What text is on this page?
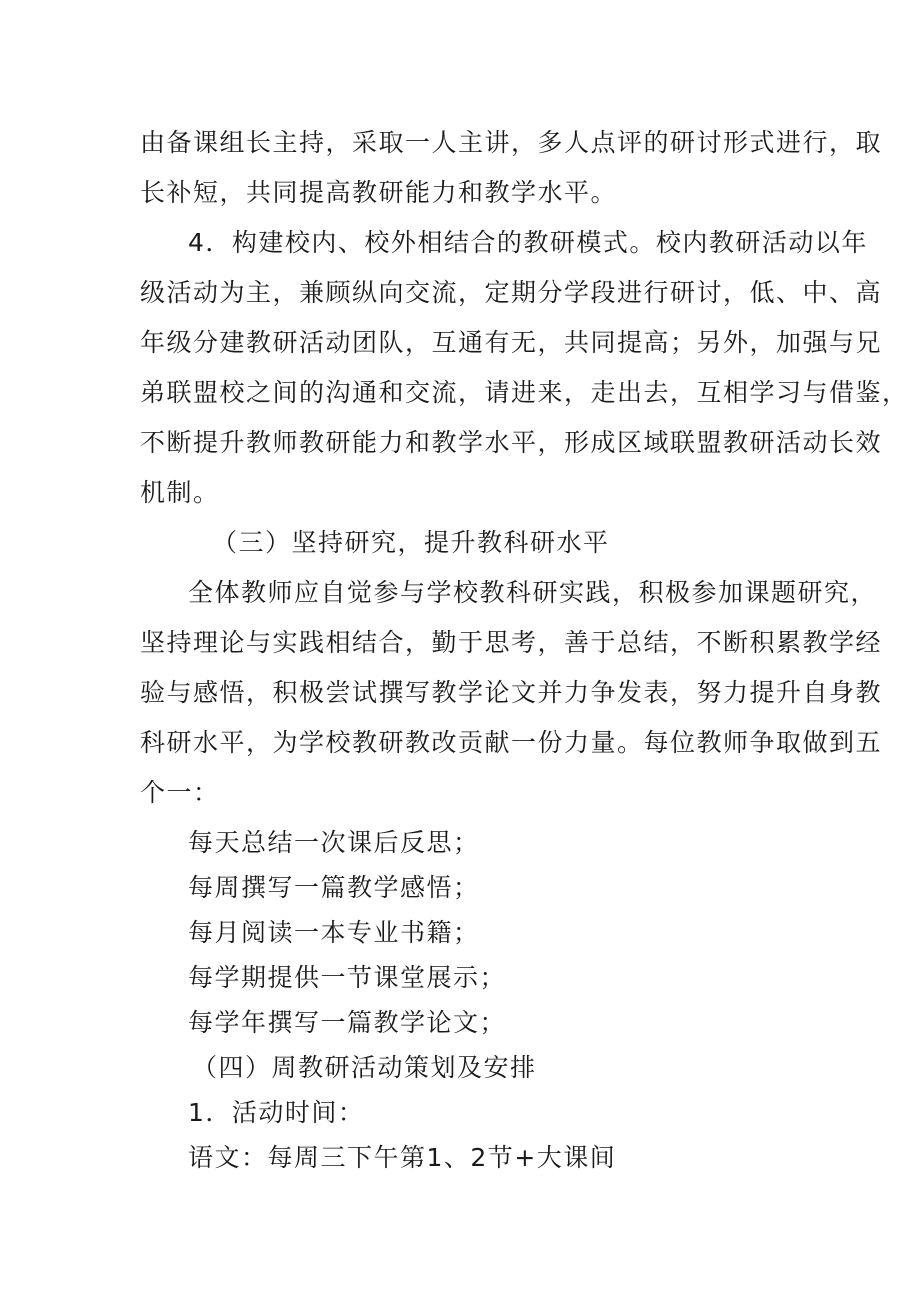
由备课组长主持，采取一人主讲，多人点评的研讨形式进行，取
长补短，共同提高教研能力和教学水平。
4．构建校内、校外相结合的教研模式。校内教研活动以年
级活动为主，兼顾纵向交流，定期分学段进行研讨，低、中、高
年级分建教研活动团队，互通有无，共同提高；另外，加强与兄
弟联盟校之间的沟通和交流，请进来，走出去，互相学习与借鉴，
不断提升教师教研能力和教学水平，形成区域联盟教研活动长效
机制。
（三）坚持研究，提升教科研水平
全体教师应自觉参与学校教科研实践，积极参加课题研究，
坚持理论与实践相结合，勤于思考，善于总结，不断积累教学经
验与感悟，积极尝试撰写教学论文并力争发表，努力提升自身教
科研水平，为学校教研教改贡献一份力量。每位教师争取做到五
个一：
每天总结一次课后反思；
每周撰写一篇教学感悟；
每月阅读一本专业书籍；
每学期提供一节课堂展示；
每学年撰写一篇教学论文；
（四）周教研活动策划及安排
1．活动时间：
语文：每周三下午第1、2节+大课间
